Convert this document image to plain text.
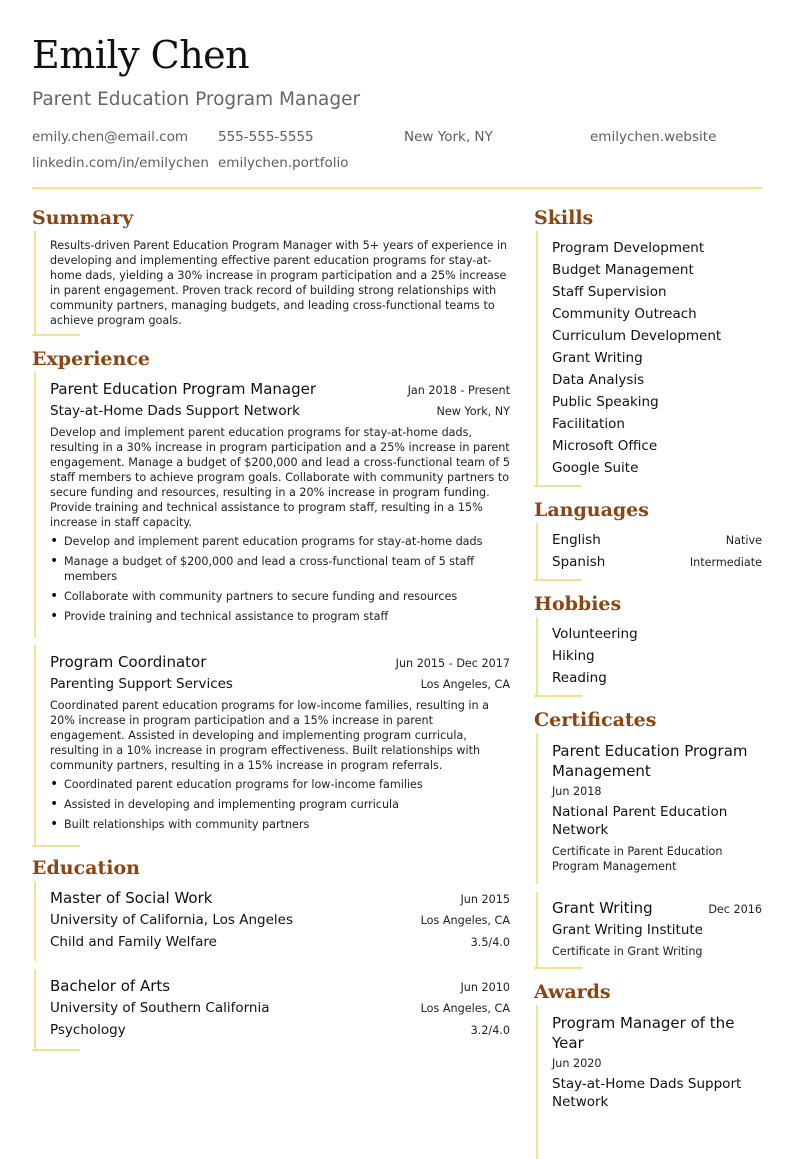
Emily Chen
Parent Education Program Manager
emily.chen@email.com	555-555-5555	New York, NY	emilychen.website
linkedin.com/in/emilychen emilychen.portfolio
Summary
Results-driven Parent Education Program Manager with 5+ years of experience in developing and implementing effective parent education programs for stay-at-home dads, yielding a 30% increase in program participation and a 25% increase in parent engagement. Proven track record of building strong relationships with community partners, managing budgets, and leading cross-functional teams to achieve program goals.
Experience
Parent Education Program Manager	Jan 2018 - Present
Stay-at-Home Dads Support Network	New York, NY
Develop and implement parent education programs for stay-at-home dads, resulting in a 30% increase in program participation and a 25% increase in parent engagement. Manage a budget of $200,000 and lead a cross-functional team of 5 staff members to achieve program goals. Collaborate with community partners to secure funding and resources, resulting in a 20% increase in program funding. Provide training and technical assistance to program staff, resulting in a 15% increase in staff capacity.
• Develop and implement parent education programs for stay-at-home dads
• Manage a budget of $200,000 and lead a cross-functional team of 5 staff members
• Collaborate with community partners to secure funding and resources
• Provide training and technical assistance to program staff
Program Coordinator	Jun 2015 - Dec 2017
Parenting Support Services	Los Angeles, CA
Coordinated parent education programs for low-income families, resulting in a 20% increase in program participation and a 15% increase in parent engagement. Assisted in developing and implementing program curricula, resulting in a 10% increase in program effectiveness. Built relationships with community partners, resulting in a 15% increase in program referrals.
• Coordinated parent education programs for low-income families
• Assisted in developing and implementing program curricula
• Built relationships with community partners
Education
Master of Social Work	Jun 2015
University of California, Los Angeles	Los Angeles, CA
Child and Family Welfare	3.5/4.0
Bachelor of Arts	Jun 2010
University of Southern California	Los Angeles, CA
Psychology	3.2/4.0
Skills
Program Development
Budget Management
Staff Supervision
Community Outreach
Curriculum Development
Grant Writing
Data Analysis
Public Speaking
Facilitation
Microsoft Office
Google Suite
Languages
English	Native
Spanish	Intermediate
Hobbies
Volunteering
Hiking
Reading
Certificates
Parent Education Program Management
Jun 2018
National Parent Education Network
Certificate in Parent Education Program Management
Grant Writing	Dec 2016
Grant Writing Institute
Certificate in Grant Writing
Awards
Program Manager of the Year
Jun 2020
Stay-at-Home Dads Support Network
